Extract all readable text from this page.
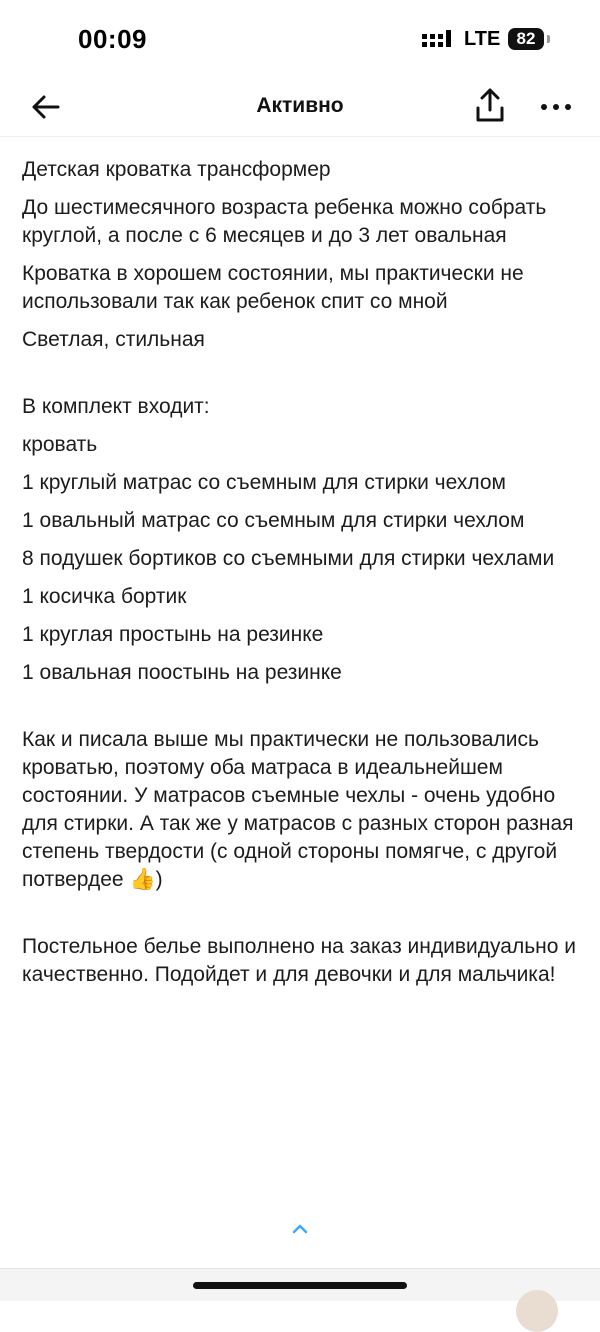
00:09	LTE 82
Активно

Детская кроватка трансформер

До шестимесячного возраста ребенка можно собрать круглой, а после с 6 месяцев и до 3 лет овальная

Кроватка в хорошем состоянии, мы практически не использовали так как ребенок спит со мной

Светлая, стильная

В комплект входит:

кровать

1 круглый матрас со съемным для стирки чехлом

1 овальный матрас со съемным для стирки чехлом

8 подушек бортиков со съемными для стирки чехлами

1 косичка бортик

1 круглая простынь на резинке

1 овальная поостынь на резинке

Как и писала выше мы практически не пользовались кроватью, поэтому оба матраса в идеальнейшем состоянии. У матрасов съемные чехлы - очень удобно для стирки. А так же у матрасов с разных сторон разная степень твердости (с одной стороны помягче, с другой потвердее 👍)

Постельное белье выполнено на заказ индивидуально и качественно. Подойдет и для девочки и для мальчика!
